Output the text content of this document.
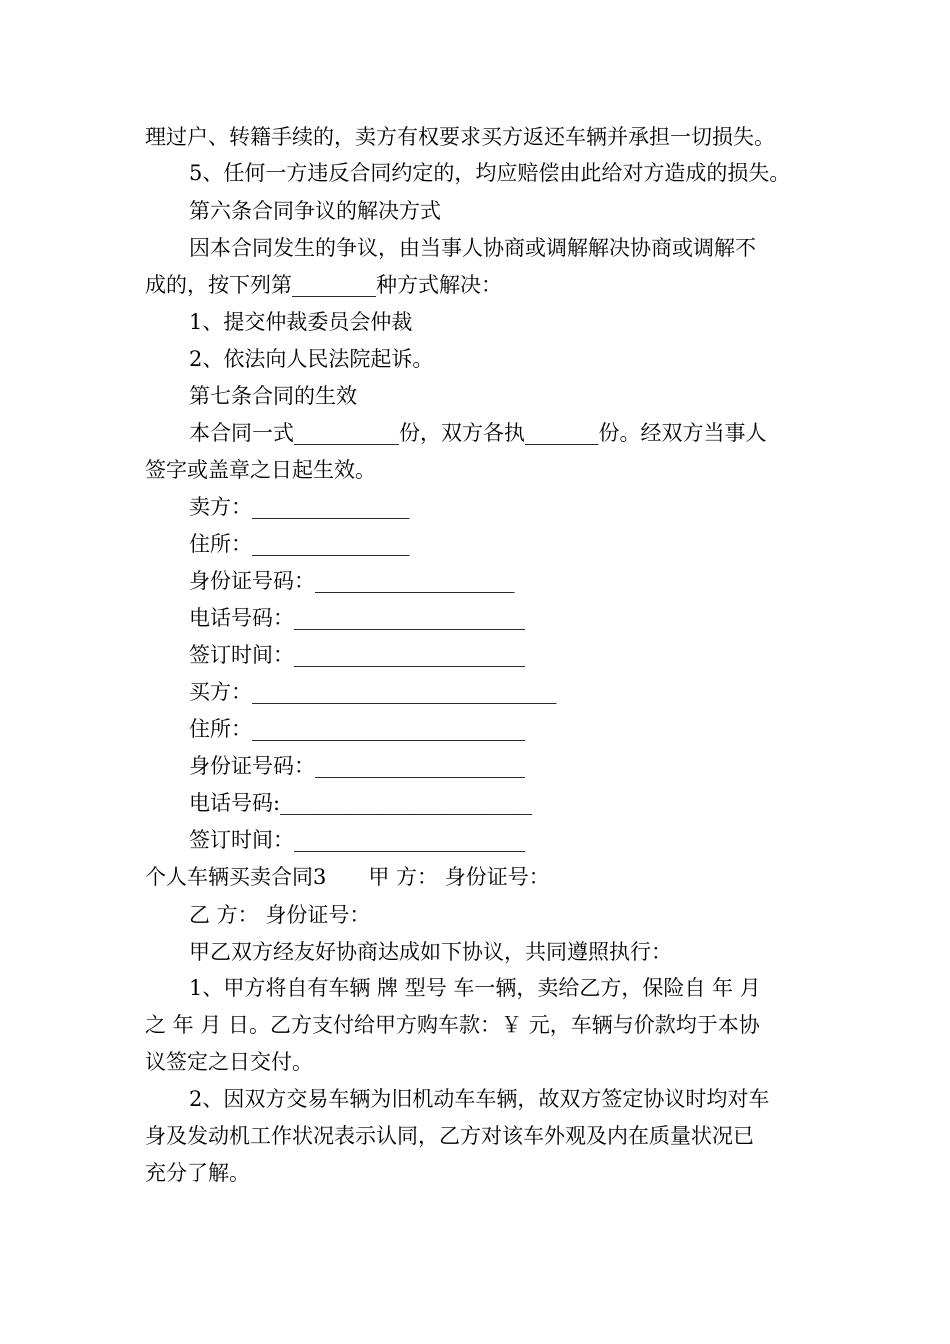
理过户、转籍手续的，卖方有权要求买方返还车辆并承担一切损失。
5、任何一方违反合同约定的，均应赔偿由此给对方造成的损失。
第六条合同争议的解决方式
因本合同发生的争议，由当事人协商或调解解决协商或调解不
成的，按下列第________种方式解决：
1、提交仲裁委员会仲裁
2、依法向人民法院起诉。
第七条合同的生效
本合同一式__________份，双方各执_______份。经双方当事人
签字或盖章之日起生效。
卖方：_______________
住所：_______________
身份证号码：___________________
电话号码：______________________
签订时间：______________________
买方：_____________________________
住所：__________________________
身份证号码：____________________
电话号码:________________________
签订时间：______________________
个人车辆买卖合同3　　甲 方： 身份证号：
乙 方： 身份证号：
甲乙双方经友好协商达成如下协议，共同遵照执行：
1、甲方将自有车辆 牌 型号 车一辆，卖给乙方，保险自 年 月
之 年 月 日。乙方支付给甲方购车款：￥ 元，车辆与价款均于本协
议签定之日交付。
2、因双方交易车辆为旧机动车车辆，故双方签定协议时均对车
身及发动机工作状况表示认同，乙方对该车外观及内在质量状况已
充分了解。
